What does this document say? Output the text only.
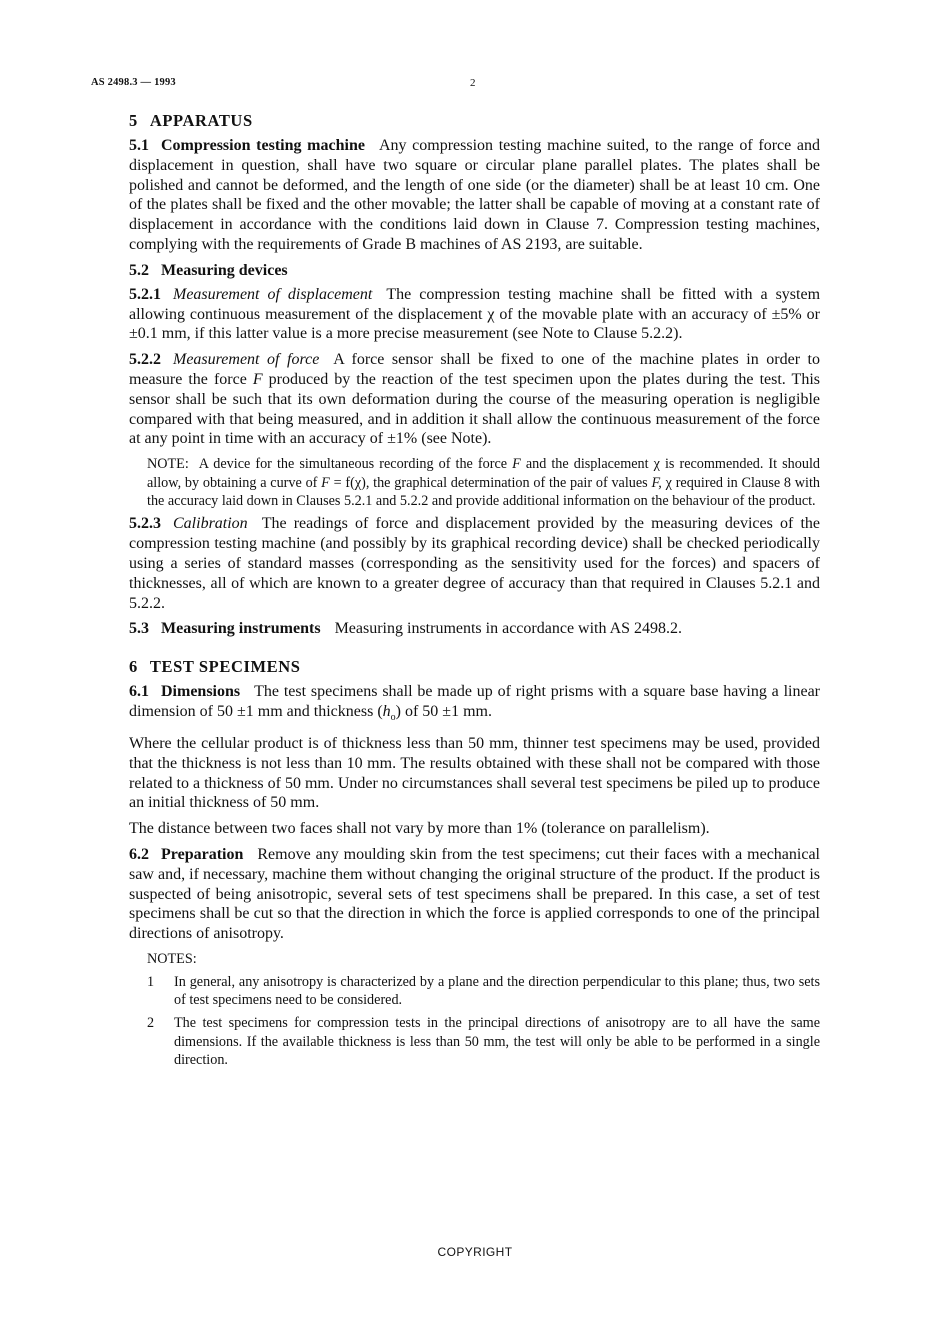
AS 2498.3 — 1993	2
5 APPARATUS

5.1 Compression testing machine Any compression testing machine suited, to the range of force and displacement in question, shall have two square or circular plane parallel plates. The plates shall be polished and cannot be deformed, and the length of one side (or the diameter) shall be at least 10 cm. One of the plates shall be fixed and the other movable; the latter shall be capable of moving at a constant rate of displacement in accordance with the conditions laid down in Clause 7. Compression testing machines, complying with the requirements of Grade B machines of AS 2193, are suitable.

5.2 Measuring devices

5.2.1 Measurement of displacement The compression testing machine shall be fitted with a system allowing continuous measurement of the displacement χ of the movable plate with an accuracy of ±5% or ±0.1 mm, if this latter value is a more precise measurement (see Note to Clause 5.2.2).

5.2.2 Measurement of force A force sensor shall be fixed to one of the machine plates in order to measure the force F produced by the reaction of the test specimen upon the plates during the test. This sensor shall be such that its own deformation during the course of the measuring operation is negligible compared with that being measured, and in addition it shall allow the continuous measurement of the force at any point in time with an accuracy of ±1% (see Note).

NOTE: A device for the simultaneous recording of the force F and the displacement χ is recommended. It should allow, by obtaining a curve of F = f(χ), the graphical determination of the pair of values F, χ required in Clause 8 with the accuracy laid down in Clauses 5.2.1 and 5.2.2 and provide additional information on the behaviour of the product.

5.2.3 Calibration The readings of force and displacement provided by the measuring devices of the compression testing machine (and possibly by its graphical recording device) shall be checked periodically using a series of standard masses (corresponding as the sensitivity used for the forces) and spacers of thicknesses, all of which are known to a greater degree of accuracy than that required in Clauses 5.2.1 and 5.2.2.

5.3 Measuring instruments Measuring instruments in accordance with AS 2498.2.

6 TEST SPECIMENS

6.1 Dimensions The test specimens shall be made up of right prisms with a square base having a linear dimension of 50 ±1 mm and thickness $(h_o)$ of 50 ±1 mm.

Where the cellular product is of thickness less than 50 mm, thinner test specimens may be used, provided that the thickness is not less than 10 mm. The results obtained with these shall not be compared with those related to a thickness of 50 mm. Under no circumstances shall several test specimens be piled up to produce an initial thickness of 50 mm.

The distance between two faces shall not vary by more than 1% (tolerance on parallelism).

6.2 Preparation Remove any moulding skin from the test specimens; cut their faces with a mechanical saw and, if necessary, machine them without changing the original structure of the product. If the product is suspected of being anisotropic, several sets of test specimens shall be prepared. In this case, a set of test specimens shall be cut so that the direction in which the force is applied corresponds to one of the principal directions of anisotropy.

NOTES:
1	In general, any anisotropy is characterized by a plane and the direction perpendicular to this plane; thus, two sets of test specimens need to be considered.
2	The test specimens for compression tests in the principal directions of anisotropy are to all have the same dimensions. If the available thickness is less than 50 mm, the test will only be able to be performed in a single direction.
COPYRIGHT
